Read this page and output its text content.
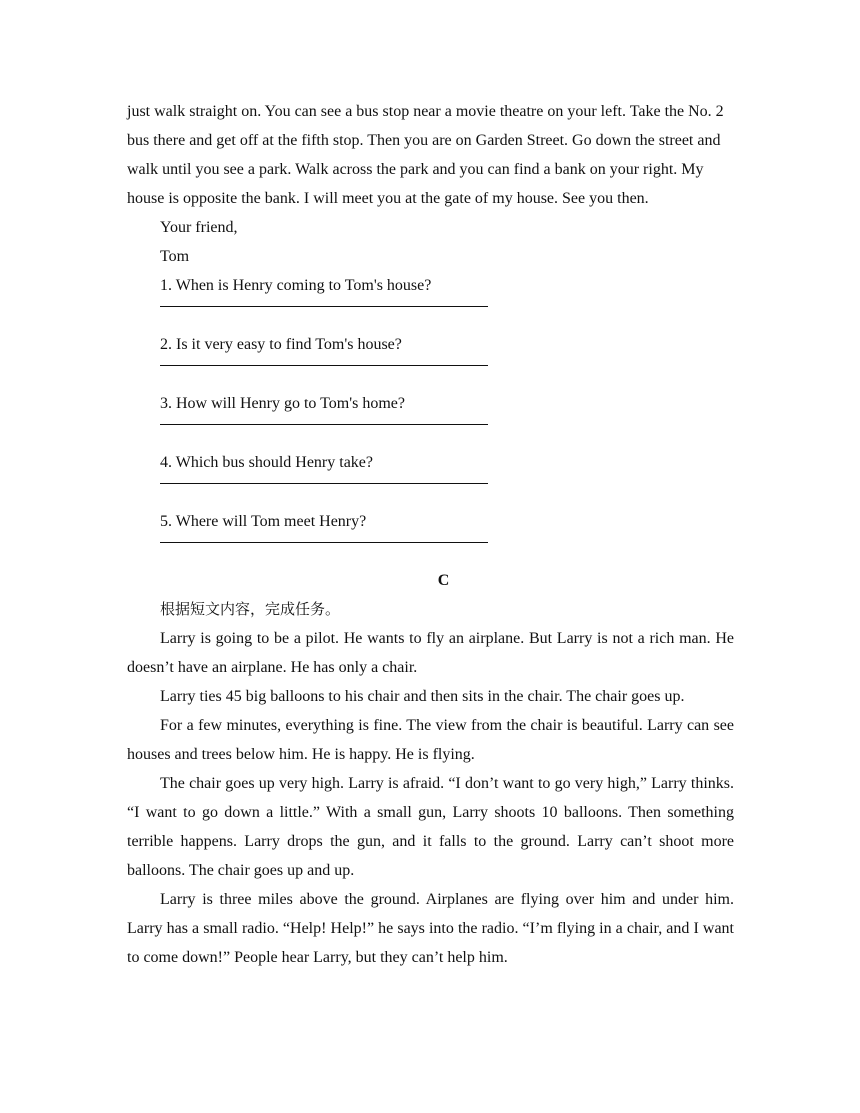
just walk straight on. You can see a bus stop near a movie theatre on your left. Take the No. 2 bus there and get off at the fifth stop. Then you are on Garden Street. Go down the street and walk until you see a park. Walk across the park and you can find a bank on your right. My house is opposite the bank. I will meet you at the gate of my house. See you then.

Your friend,

Tom

1. When is Henry coming to Tom's house?

2. Is it very easy to find Tom's house?

3. How will Henry go to Tom's home?

4. Which bus should Henry take?

5. Where will Tom meet Henry?

C

根据短文内容，完成任务。

Larry is going to be a pilot. He wants to fly an airplane. But Larry is not a rich man. He doesn’t have an airplane. He has only a chair.

Larry ties 45 big balloons to his chair and then sits in the chair. The chair goes up.

For a few minutes, everything is fine. The view from the chair is beautiful. Larry can see houses and trees below him. He is happy. He is flying.

The chair goes up very high. Larry is afraid. “I don’t want to go very high,” Larry thinks. “I want to go down a little.” With a small gun, Larry shoots 10 balloons. Then something terrible happens. Larry drops the gun, and it falls to the ground. Larry can’t shoot more balloons. The chair goes up and up.

Larry is three miles above the ground. Airplanes are flying over him and under him. Larry has a small radio. “Help! Help!” he says into the radio. “I’m flying in a chair, and I want to come down!” People hear Larry, but they can’t help him.
